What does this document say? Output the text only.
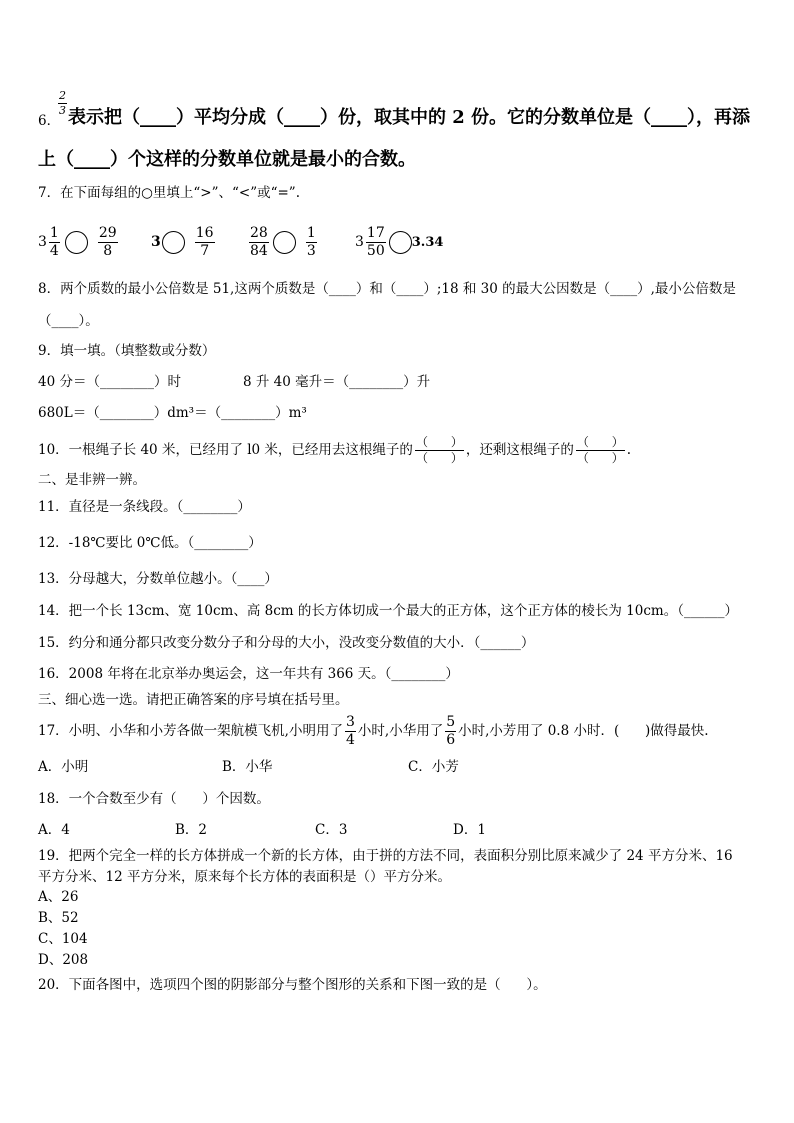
6．
$\frac{2}{3}$ 表示把（____）平均分成（____）份，取其中的 2 份。它的分数单位是（____），再添
上（____）个这样的分数单位就是最小的合数。
7．在下面每组的○里填上“>”、“<”或“=”.
$3 \frac{1}{4}$	$\frac{29}{8} 3 \frac{16}{7} \frac{28}{84}$	$\frac{1}{3}$	$3 \frac{17}{50} 3.34$
8．两个质数的最小公倍数是 51,这两个质数是（____）和（____）;18 和 30 的最大公因数是（____）,最小公倍数是
（____）。
9．填一填。（填整数或分数）
40 分＝（________）时	8 升 40 毫升＝（________）升
680L＝（________）dm³＝（________）m³
10．一根绳子长 40 米，已经用了 l0 米，已经用去这根绳子的 $\frac{( )}{( )}$ ，还剩这根绳子的 $\frac{( )}{( )}$ .
二、是非辨一辨。
11．直径是一条线段。（________）
12．-18℃要比 0℃低。（________）
13．分母越大，分数单位越小。（____）
14．把一个长 13cm、宽 10cm、高 8cm 的长方体切成一个最大的正方体，这个正方体的棱长为 10cm。（______）
15．约分和通分都只改变分数分子和分母的大小，没改变分数值的大小．（______）
16．2008 年将在北京举办奥运会，这一年共有 366 天。（________）
三、细心选一选。请把正确答案的序号填在括号里。
17．小明、小华和小芳各做一架航模飞机,小明用了 $\frac{3}{4}$ 小时,小华用了 $\frac{5}{6}$ 小时,小芳用了 0.8 小时．(      )做得最快.
A．小明	B．小华	C．小芳
18．一个合数至少有（      ）个因数。
A．4	B．2	C．3	D．1
19．把两个完全一样的长方体拼成一个新的长方体，由于拼的方法不同，表面积分别比原来减少了 24 平方分米、16
平方分米、12 平方分米，原来每个长方体的表面积是（）平方分米。
A、26
B、52
C、104
D、208
20．下面各图中，选项四个图的阴影部分与整个图形的关系和下图一致的是（      ）。
